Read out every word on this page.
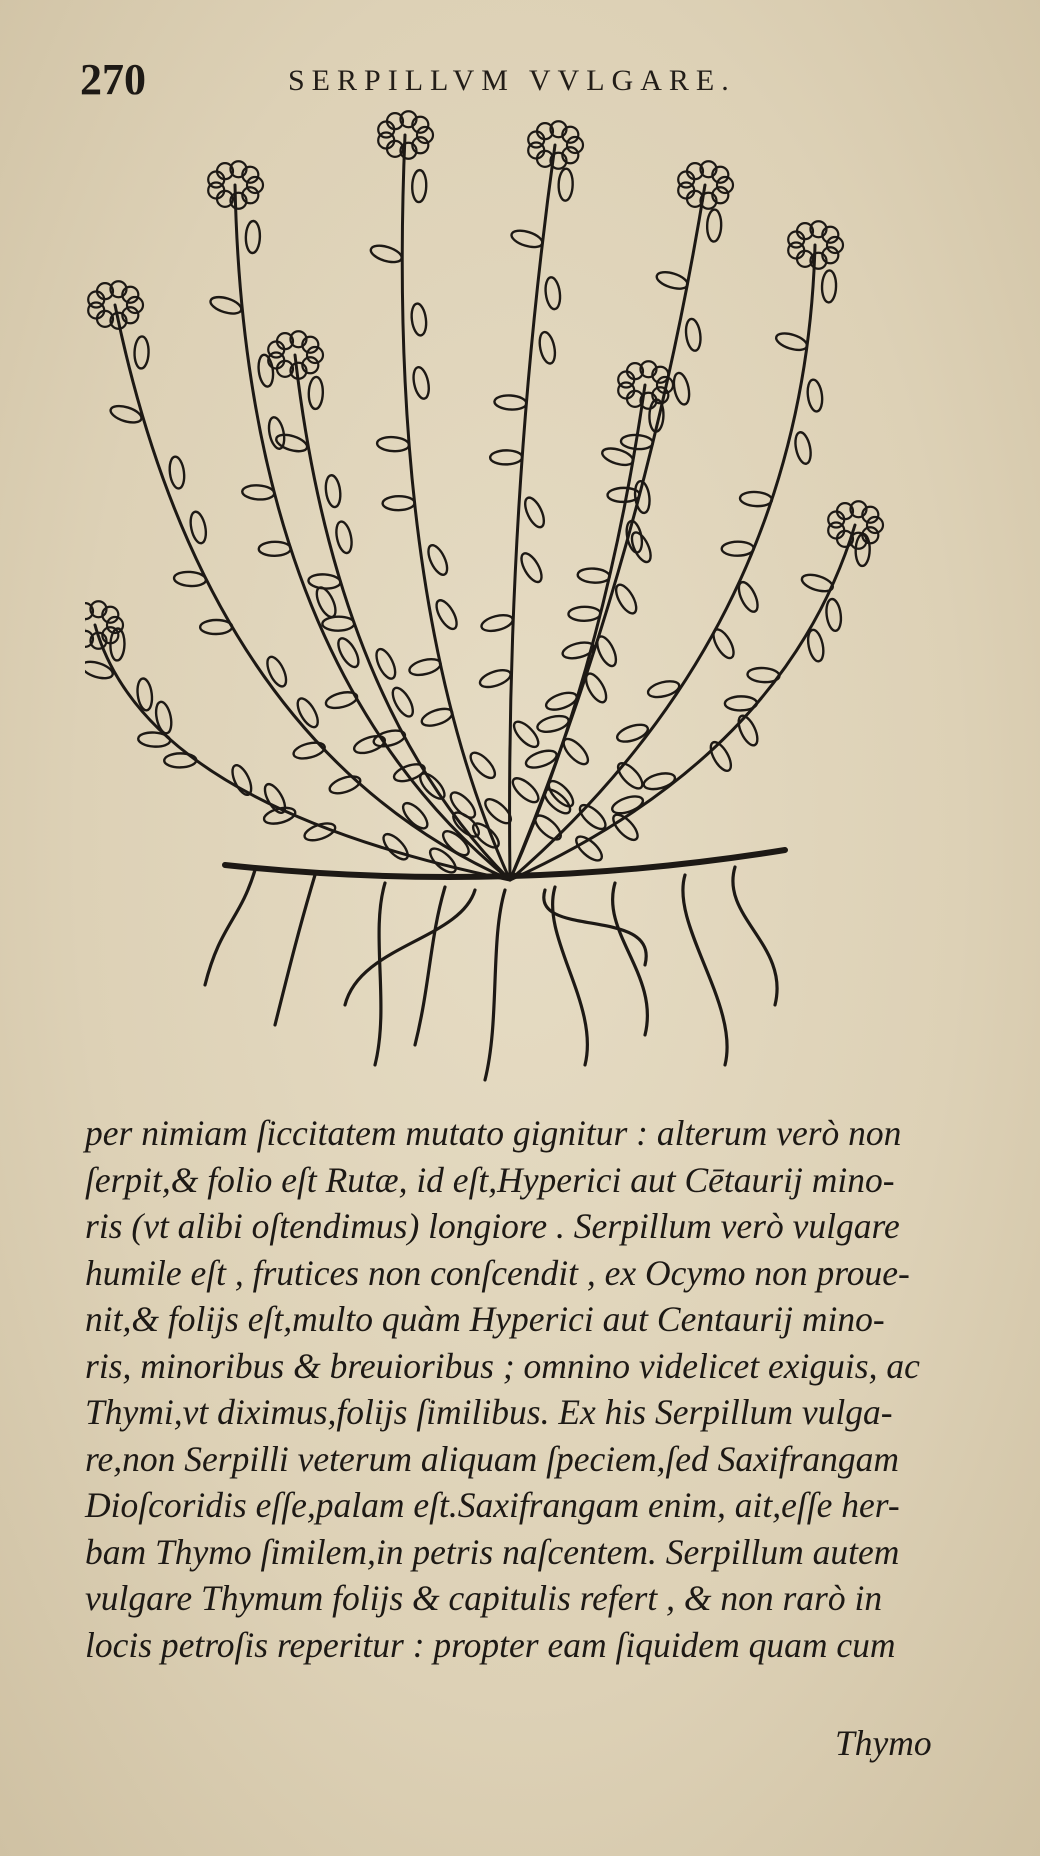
270	SERPILLVM VVLGARE.
per nimiam ſiccitatem mutato gignitur : alterum verò non
ſerpit,& folio eſt Rutæ, id eſt,Hyperici aut Cētaurij mino-
ris (vt alibi oſtendimus) longiore . Serpillum verò vulgare
humile eſt , frutices non conſcendit , ex Ocymo non proue-
nit,& folijs eſt,multo quàm Hyperici aut Centaurij mino-
ris, minoribus & breuioribus ; omnino videlicet exiguis, ac
Thymi,vt diximus,folijs ſimilibus. Ex his Serpillum vulga-
re,non Serpilli veterum aliquam ſpeciem,ſed Saxifrangam
Dioſcoridis eſſe,palam eſt.Saxifrangam enim, ait,eſſe her-
bam Thymo ſimilem,in petris naſcentem. Serpillum autem
vulgare Thymum folijs & capitulis refert , & non rarò in
locis petroſis reperitur : propter eam ſiquidem quam cum
Thymo
